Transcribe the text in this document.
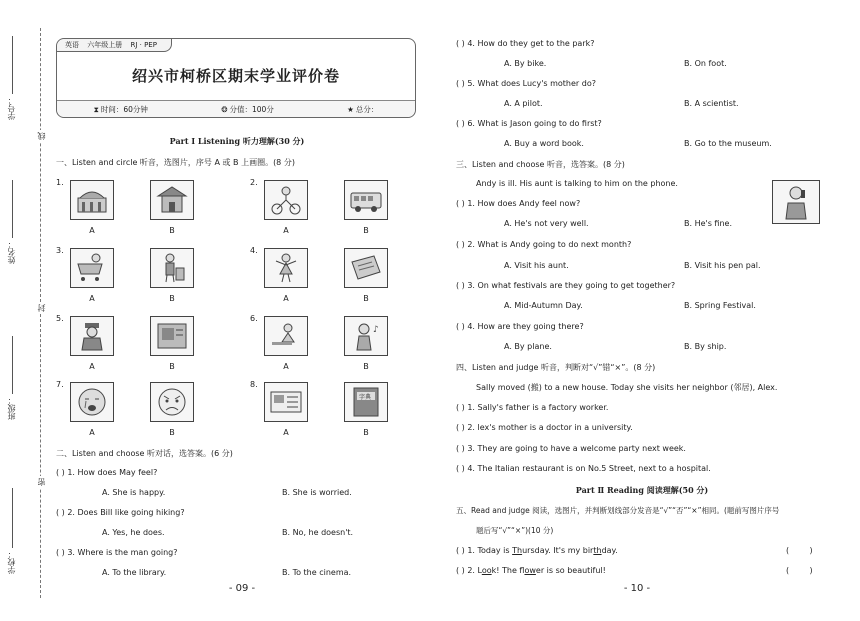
学号：
姓名：
班级：
学校：
线
封
密
英语 六年级上册 RJ · PEP
绍兴市柯桥区期末学业评价卷
⧗ 时间：60分钟	❂ 分值：100分	★ 总分：
Part Ⅰ Listening 听力理解(30 分)
一、Listen and circle 听音，选图片，序号 A 或 B 上画圈。(8 分)
1.
A	B
2.
A	B
3.
A	B
4.
A	B
5.
A	B
6.
♪
A	B
7.
A	B
8.
字典
A	B
二、Listen and choose 听对话，选答案。(6 分)
( ) 1. How does May feel?
A. She is happy.	B. She is worried.
( ) 2. Does Bill like going hiking?
A. Yes, he does.	B. No, he doesn't.
( ) 3. Where is the man going?
A. To the library.	B. To the cinema.
- 09 -
( ) 4. How do they get to the park?
A. By bike.	B. On foot.
( ) 5. What does Lucy's mother do?
A. A pilot.	B. A scientist.
( ) 6. What is Jason going to do first?
A. Buy a word book.	B. Go to the museum.
三、Listen and choose 听音，选答案。(8 分)
Andy is ill. His aunt is talking to him on the phone.
( ) 1. How does Andy feel now?
A. He's not very well.	B. He's fine.
( ) 2. What is Andy going to do next month?
A. Visit his aunt.	B. Visit his pen pal.
( ) 3. On what festivals are they going to get together?
A. Mid-Autumn Day.	B. Spring Festival.
( ) 4. How are they going there?
A. By plane.	B. By ship.
四、Listen and judge 听音，判断对“√”错“×”。(8 分)
Sally moved (搬) to a new house. Today she visits her neighbor (邻居), Alex.
( ) 1. Sally's father is a factory worker.
( ) 2. lex's mother is a doctor in a university.
( ) 3. They are going to have a welcome party next week.
( ) 4. The Italian restaurant is on No.5 Street, next to a hospital.
Part Ⅱ Reading 阅读理解(50 分)
五、Read and judge 阅读，选图片，并判断划线部分发音是“√”“否”“×”相同。(题前写图片序号
题后写“√”“×”)(10 分)
( ) 1. Today is Thursday. It's my birthday.	(        )
( ) 2. Look! The flower is so beautiful!	(        )
- 10 -
